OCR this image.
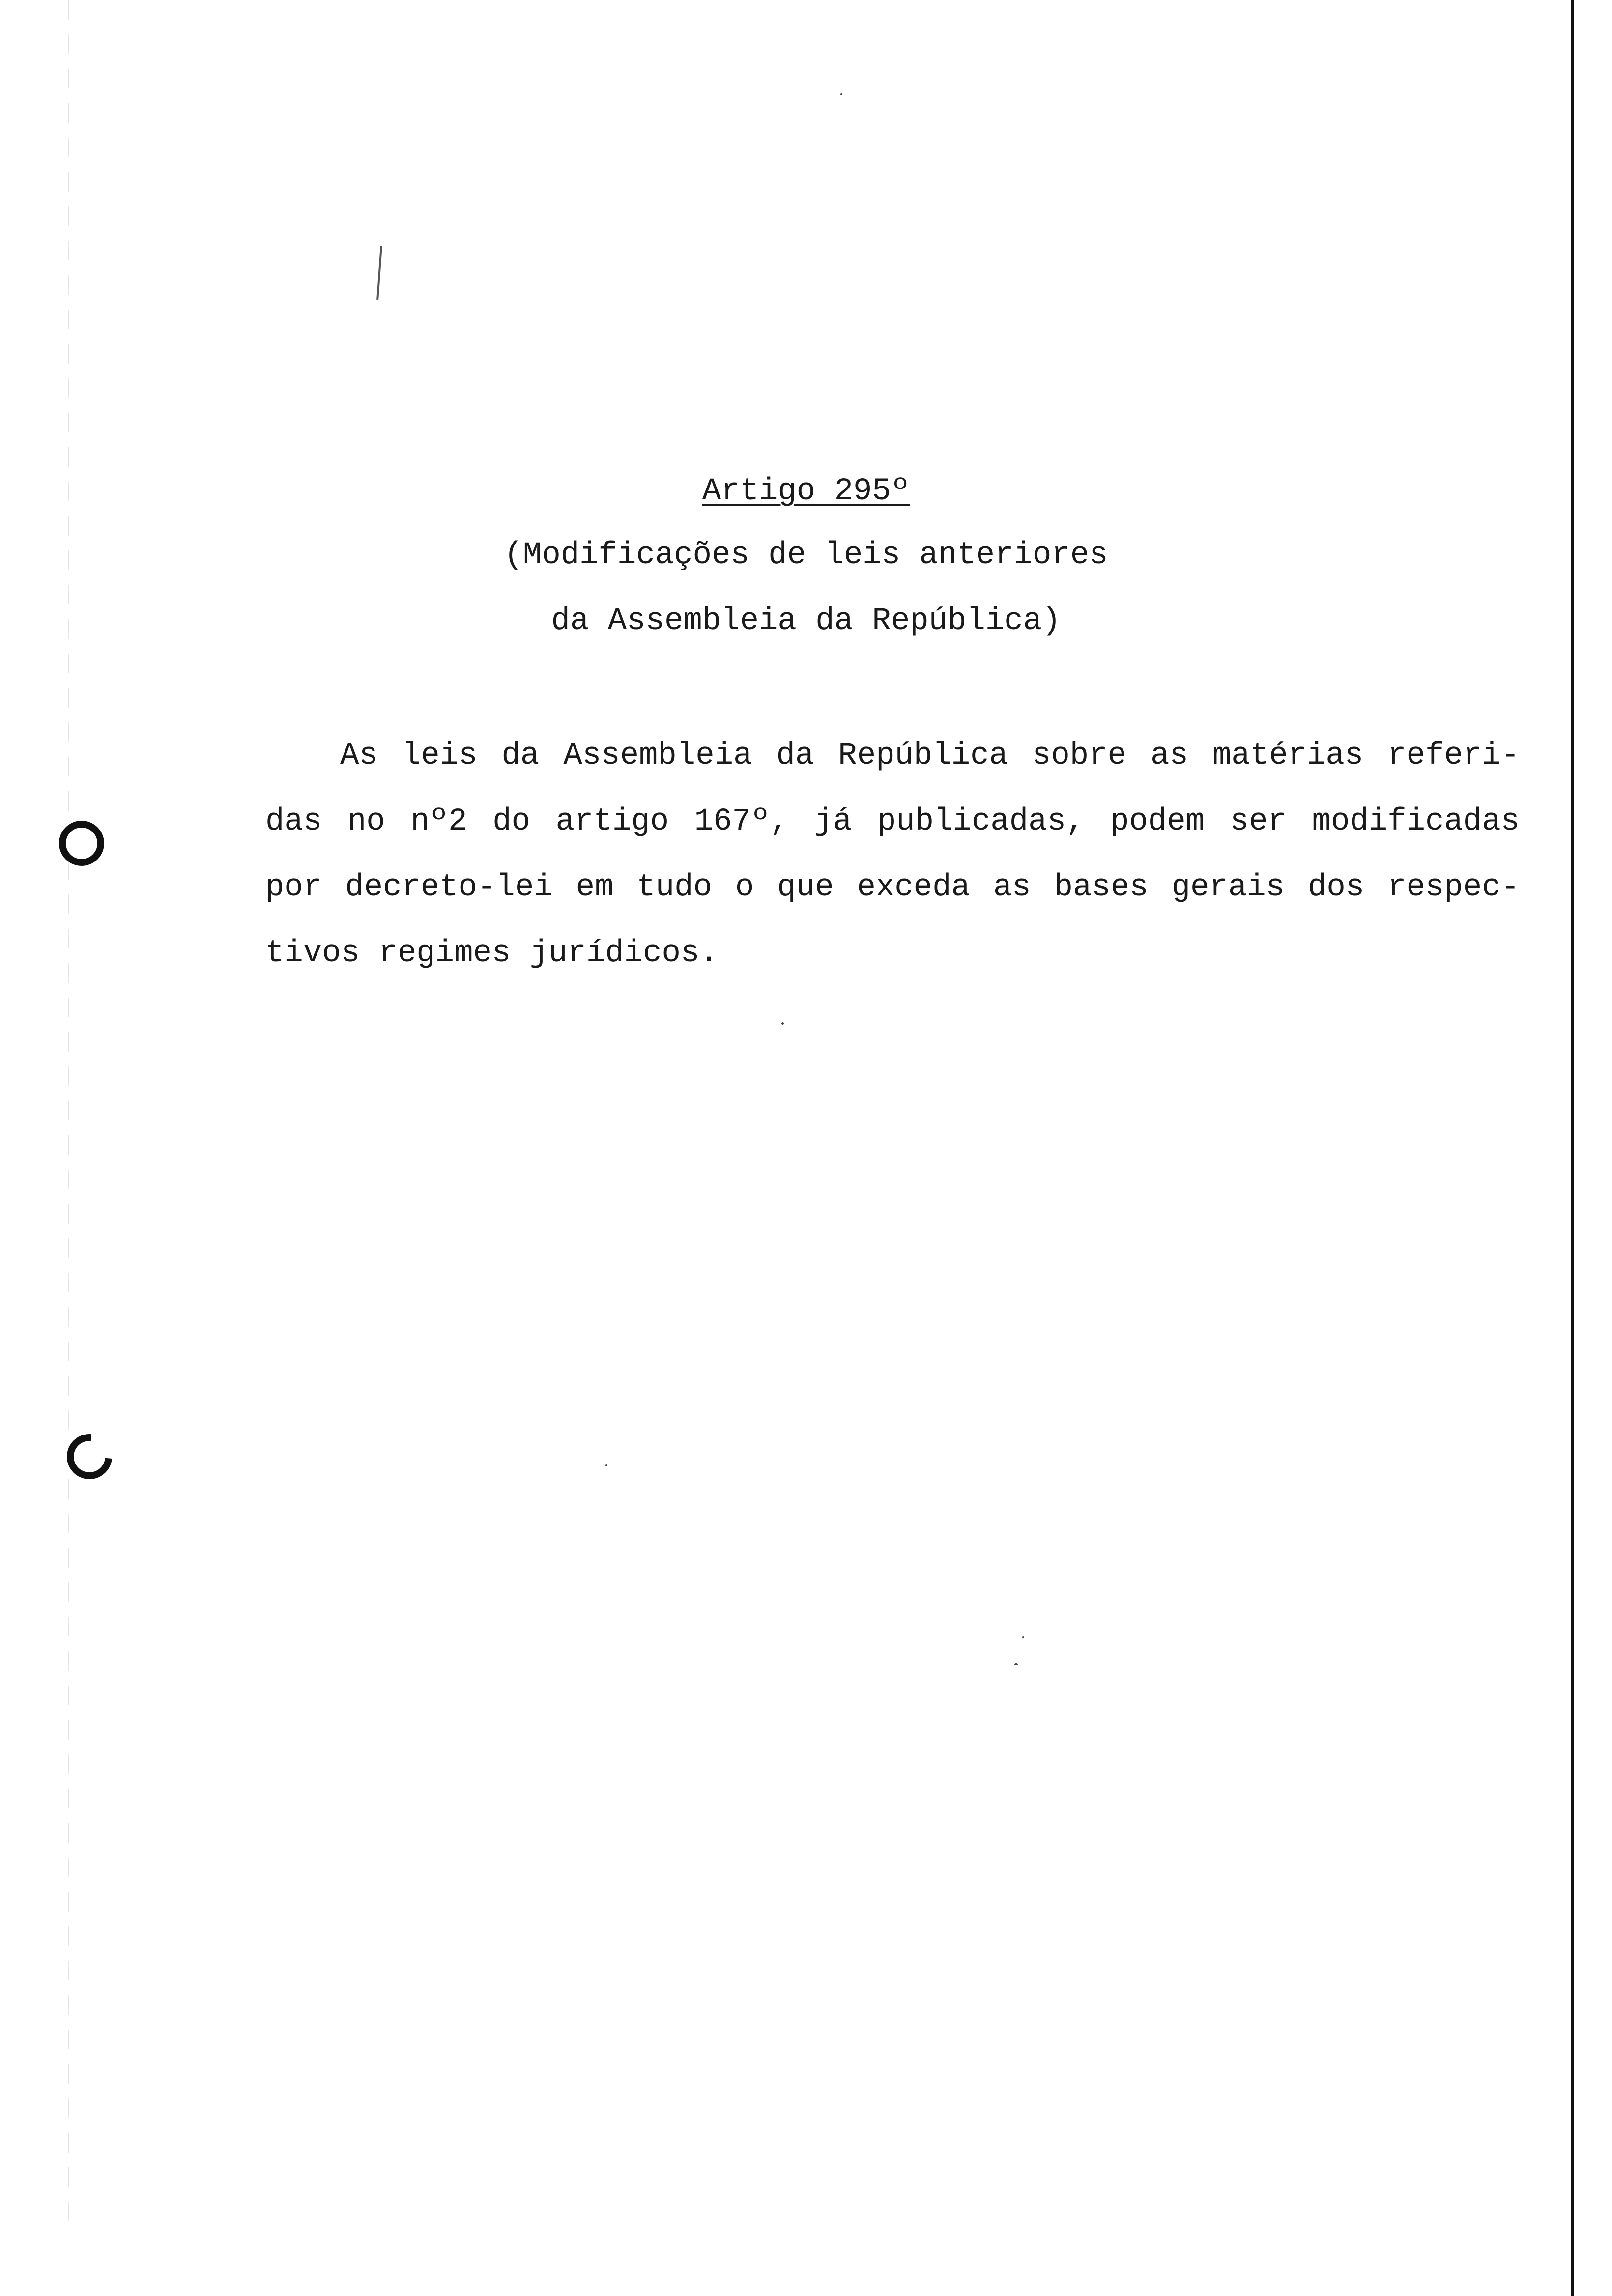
Artigo 295º
(Modificações de leis anteriores
da Assembleia da República)
As leis da Assembleia da República sobre as matérias referi-
das no nº2 do artigo 167º, já publicadas, podem ser modificadas
por decreto-lei em tudo o que exceda as bases gerais dos respec-
tivos regimes jurídicos.
